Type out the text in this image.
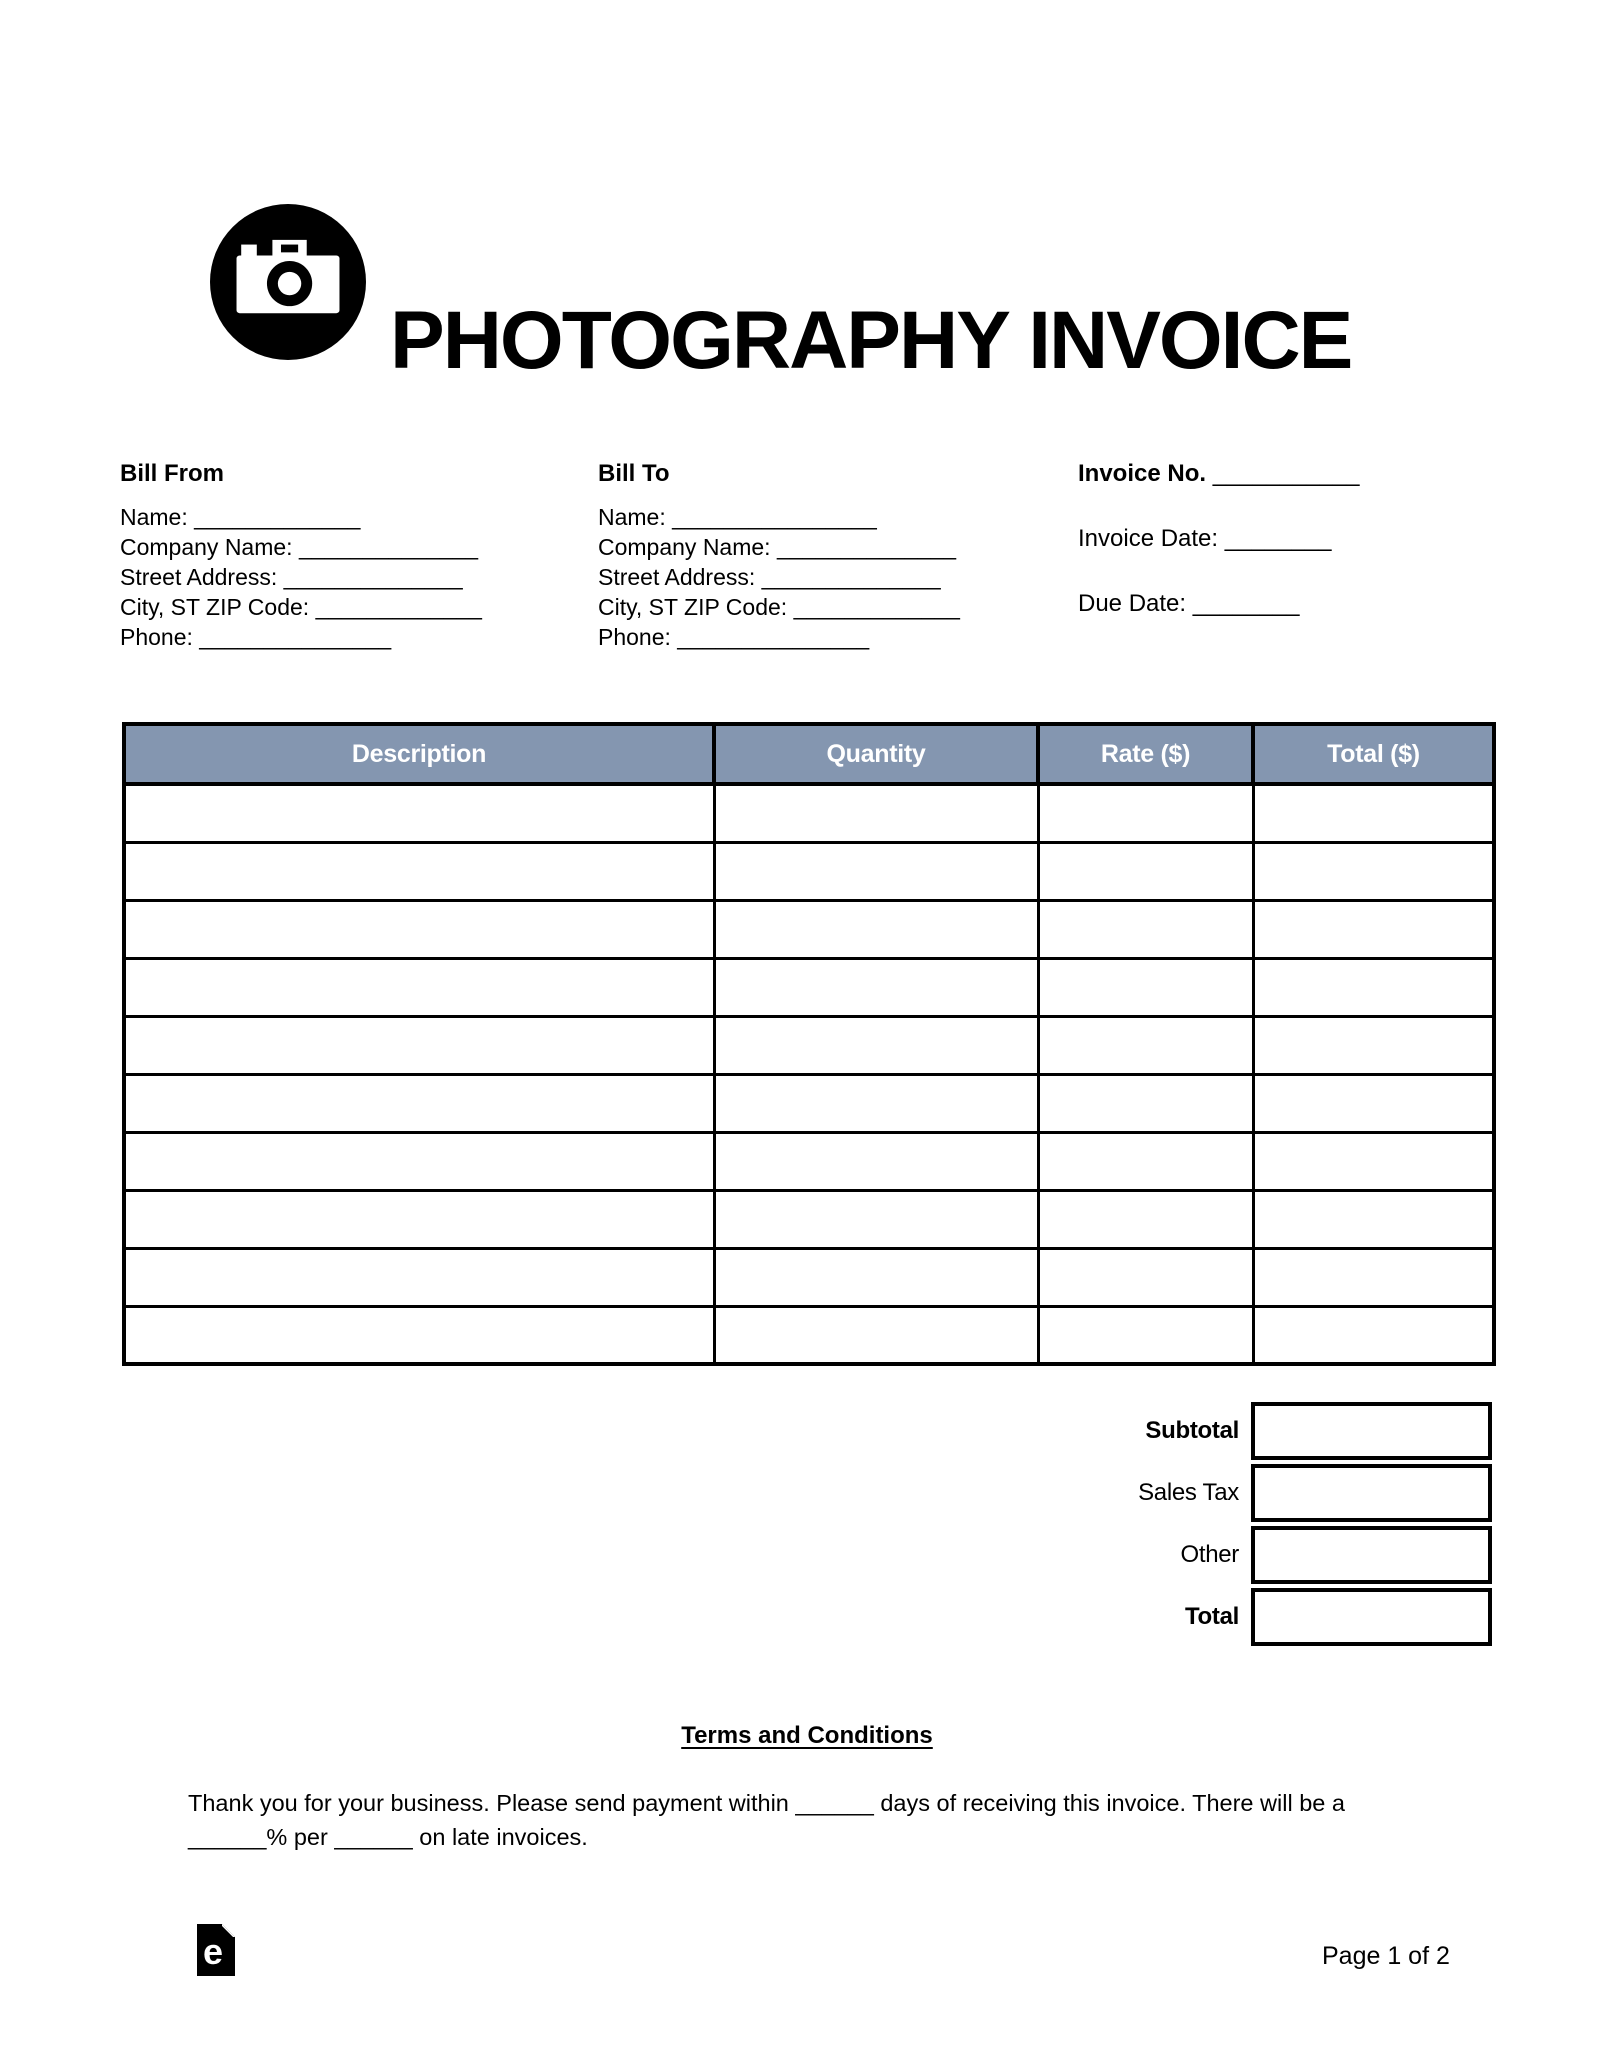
PHOTOGRAPHY INVOICE
Bill From
Name: _____________
Company Name: ______________
Street Address: ______________
City, ST ZIP Code: _____________
Phone: _______________
Bill To
Name: ________________
Company Name: ______________
Street Address: ______________
City, ST ZIP Code: _____________
Phone: _______________
Invoice No. ___________
Invoice Date: ________
Due Date: ________
Description	Quantity	Rate ($)	Total ($)

Subtotal
Sales Tax
Other
Total
Terms and Conditions

Thank you for your business. Please send payment within ______ days of receiving this invoice. There will be a ______% per ______ on late invoices.

e	Page 1 of 2
